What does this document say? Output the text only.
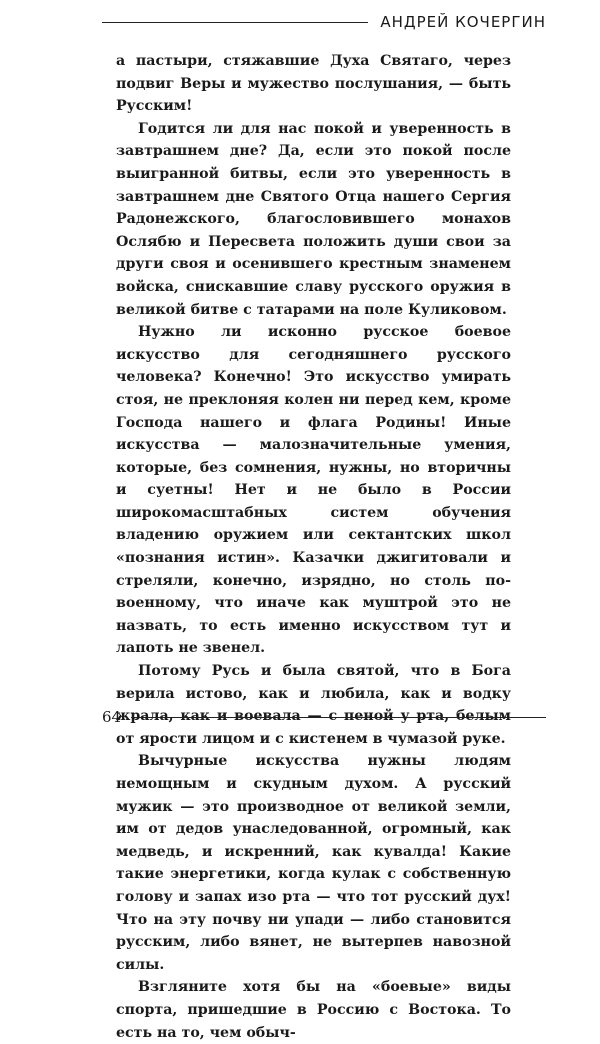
АНДРЕЙ КОЧЕРГИН

а пастыри, стяжавшие Духа Святаго, через подвиг Веры и мужество послушания, — быть Русским!

Годится ли для нас покой и уверенность в завтрашнем дне? Да, если это покой после выигранной битвы, если это уверенность в завтрашнем дне Святого Отца нашего Сергия Радонежского, благословившего монахов Ослябю и Пересвета положить души свои за други своя и осенившего крестным знаменем войска, снискавшие славу русского оружия в великой битве с татарами на поле Куликовом.

Нужно ли исконно русское боевое искусство для сегодняшнего русского человека? Конечно! Это искусство умирать стоя, не преклоняя колен ни перед кем, кроме Господа нашего и флага Родины! Иные искусства — малозначительные умения, которые, без сомнения, нужны, но вторичны и суетны! Нет и не было в России широкомасштабных систем обучения владению оружием или сектантских школ «познания истин». Казачки джигитовали и стреляли, конечно, изрядно, но столь по-военному, что иначе как муштрой это не назвать, то есть именно искусством тут и лапоть не звенел.

Потому Русь и была святой, что в Бога верила истово, как и любила, как и водку жрала, как и воевала — с пеной у рта, белым от ярости лицом и с кистенем в чумазой руке.

Вычурные искусства нужны людям немощным и скудным духом. А русский мужик — это производное от великой земли, им от дедов унаследованной, огромный, как медведь, и искренний, как кувалда! Какие такие энергетики, когда кулак с собственную голову и запах изо рта — что тот русский дух! Что на эту почву ни упади — либо становится русским, либо вянет, не вытерпев навозной силы.

Взгляните хотя бы на «боевые» виды спорта, пришедшие в Россию с Востока. То есть на то, чем обыч-

64
